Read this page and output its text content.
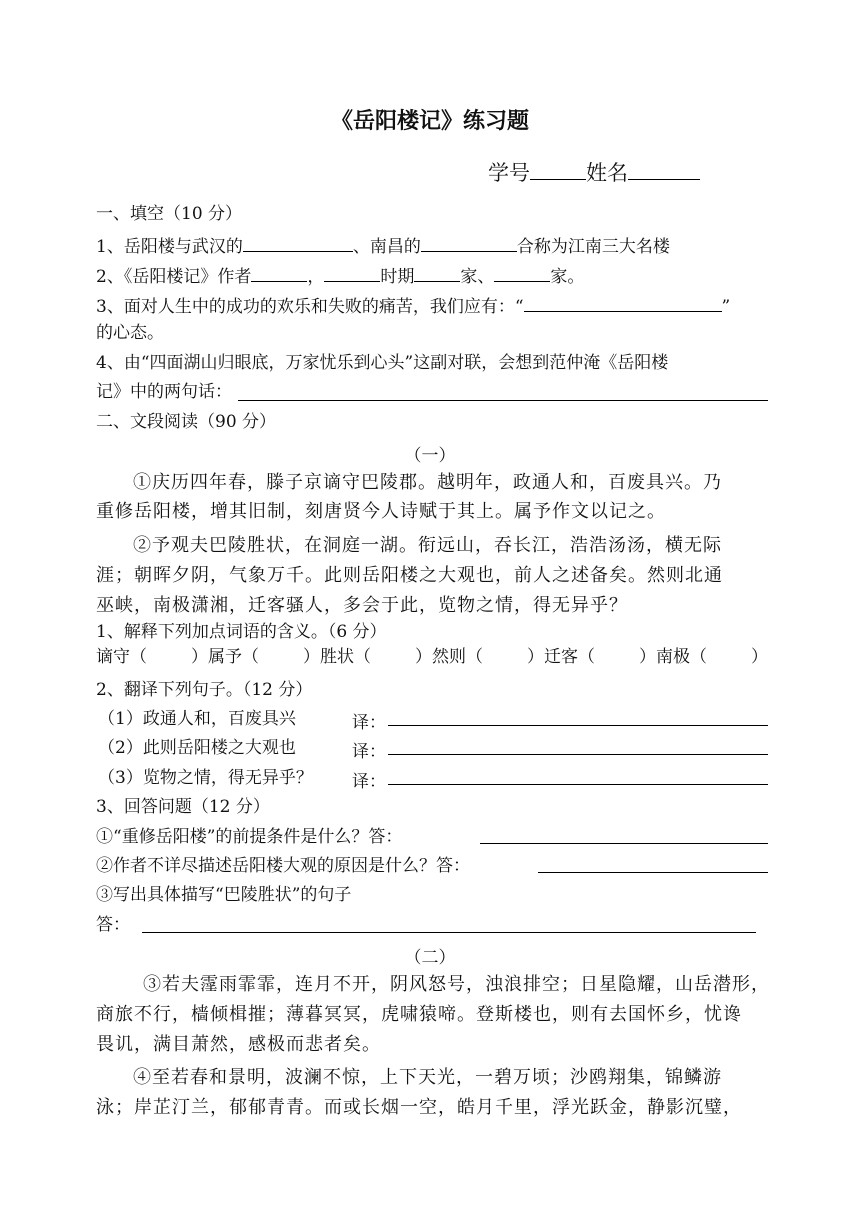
《岳阳楼记》练习题
学号	姓名
一、填空（10 分）
1、岳阳楼与武汉的	、南昌的	合称为江南三大名楼
2、《岳阳楼记》作者	，	时期	家、	家。
3、面对人生中的成功的欢乐和失败的痛苦，我们应有：“	”
的心态。
4、由“四面湖山归眼底，万家忧乐到心头”这副对联，会想到范仲淹《岳阳楼
记》中的两句话：
二、文段阅读（90 分）
（一）
①庆历四年春，滕子京谪守巴陵郡。越明年，政通人和，百废具兴。乃
重修岳阳楼，增其旧制，刻唐贤今人诗赋于其上。属予作文以记之。
②予观夫巴陵胜状，在洞庭一湖。衔远山，吞长江，浩浩汤汤，横无际
涯；朝晖夕阴，气象万千。此则岳阳楼之大观也，前人之述备矣。然则北通
巫峡，南极潇湘，迁客骚人，多会于此，览物之情，得无异乎？
1、解释下列加点词语的含义。（6 分）
谪守（	）属予（	）胜状（	）然则（	）迁客（	）南极（	）
2、翻译下列句子。（12 分）
（1）政通人和，百废具兴	译：
（2）此则岳阳楼之大观也	译：
（3）览物之情，得无异乎？ 译：
3、回答问题（12 分）
①“重修岳阳楼”的前提条件是什么？答：
②作者不详尽描述岳阳楼大观的原因是什么？答：
③写出具体描写“巴陵胜状”的句子
答：
（二）
③若夫霪雨霏霏，连月不开，阴风怒号，浊浪排空；日星隐耀，山岳潜形，
商旅不行，樯倾楫摧；薄暮冥冥，虎啸猿啼。登斯楼也，则有去国怀乡，忧谗
畏讥，满目萧然，感极而悲者矣。
④至若春和景明，波澜不惊，上下天光，一碧万顷；沙鸥翔集，锦鳞游
泳；岸芷汀兰，郁郁青青。而或长烟一空，皓月千里，浮光跃金，静影沉璧，
